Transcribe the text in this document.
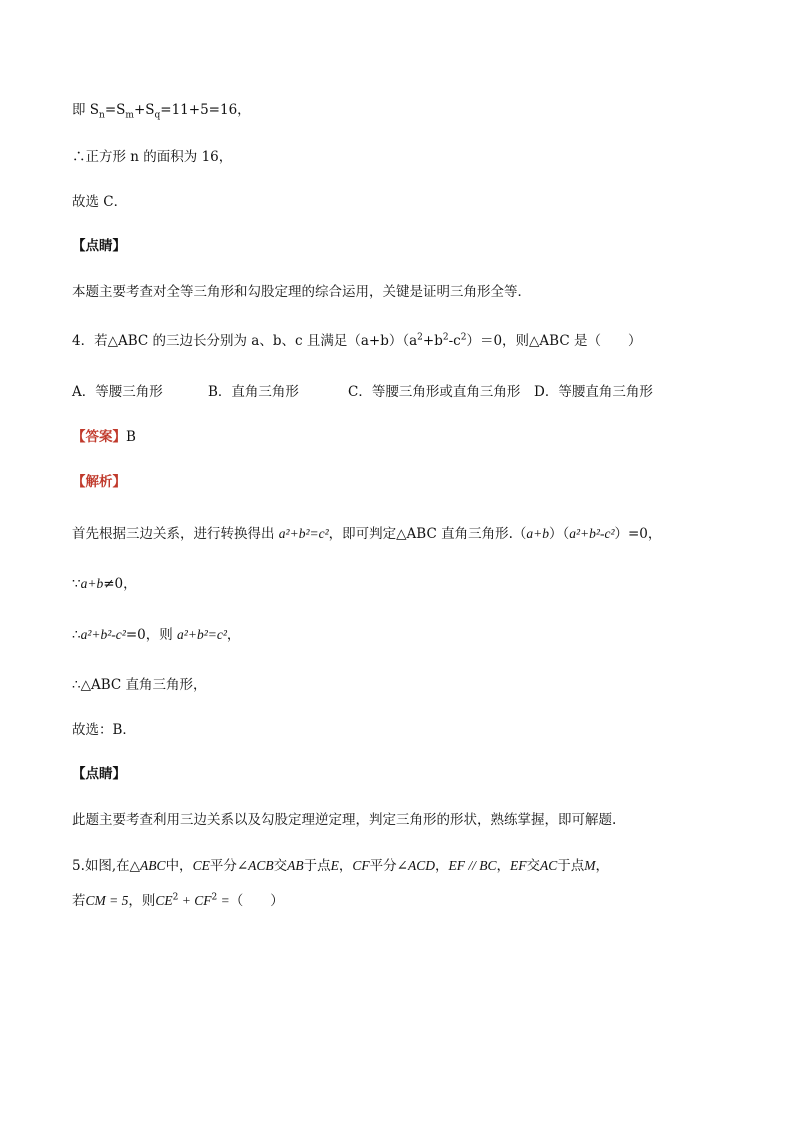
即 $S_n=S_m+S_q=11+5=16$，
∴正方形 n 的面积为 16，
故选 C．
【点睛】
本题主要考查对全等三角形和勾股定理的综合运用，关键是证明三角形全等．
4．若△ABC 的三边长分别为 a、b、c 且满足$(a+b)(a^2+b^2-c^2)=0$，则△ABC 是（　　）
A．等腰三角形	B．直角三角形	C．等腰三角形或直角三角形 D．等腰直角三角形
【答案】B
【解析】
首先根据三边关系，进行转换得出 a²+b²=c²，即可判定△ABC 直角三角形.（a+b）（a²+b²-c²）=0，
∵a+b≠0，
∴a²+b²-c²=0，则 a²+b²=c²，
∴△ABC 直角三角形，
故选：B．
【点睛】
此题主要考查利用三边关系以及勾股定理逆定理，判定三角形的形状，熟练掌握，即可解题.
5.如图,在△ABC中，CE平分∠ACB交AB于点E，CF平分∠ACD，EF // BC，EF交AC于点M，
若CM = 5，则$CE^2 + CF^2$ =（　　）
